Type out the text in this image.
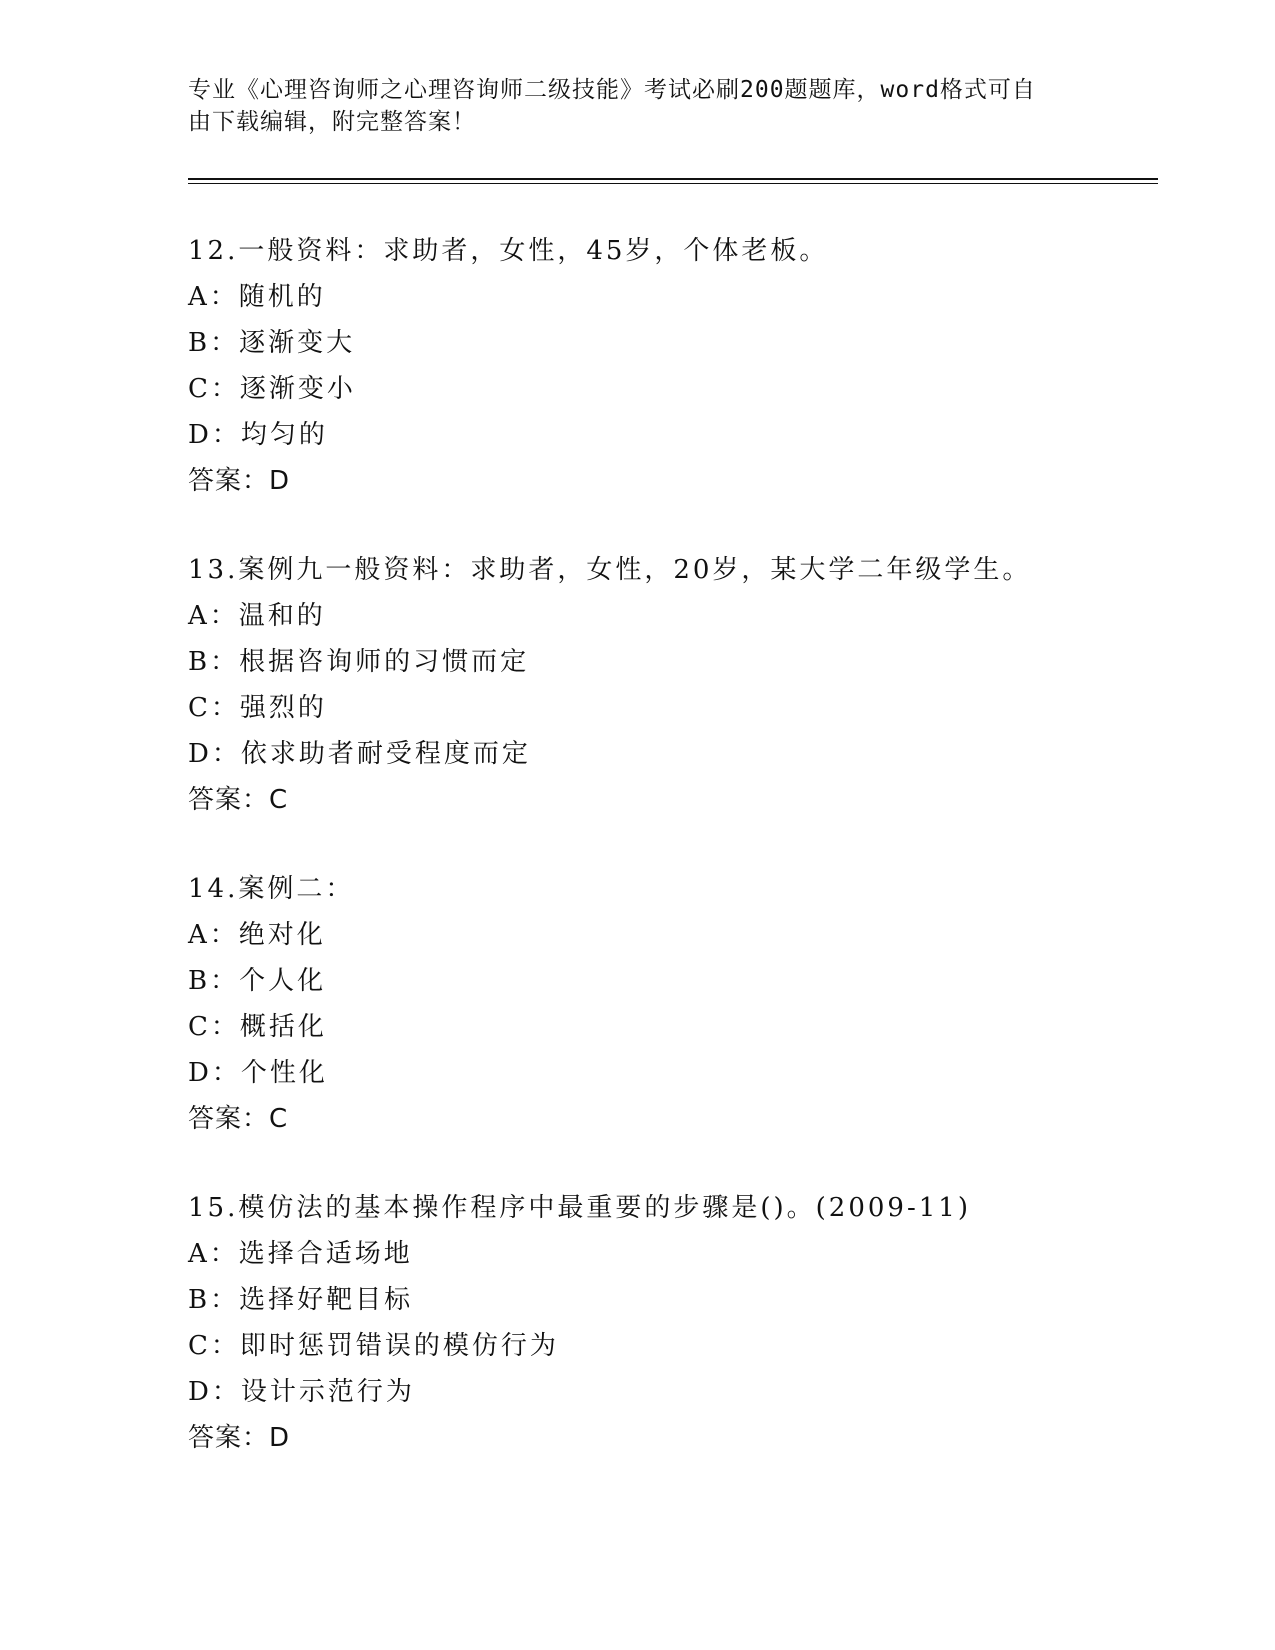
专业《心理咨询师之心理咨询师二级技能》考试必刷200题题库，word格式可自
由下载编辑，附完整答案！
12.一般资料：求助者，女性，45岁，个体老板。
A：随机的
B：逐渐变大
C：逐渐变小
D：均匀的
答案：D
13.案例九一般资料：求助者，女性，20岁，某大学二年级学生。
A：温和的
B：根据咨询师的习惯而定
C：强烈的
D：依求助者耐受程度而定
答案：C
14.案例二：
A：绝对化
B：个人化
C：概括化
D：个性化
答案：C
15.模仿法的基本操作程序中最重要的步骤是()。(2009-11)
A：选择合适场地
B：选择好靶目标
C：即时惩罚错误的模仿行为
D：设计示范行为
答案：D
